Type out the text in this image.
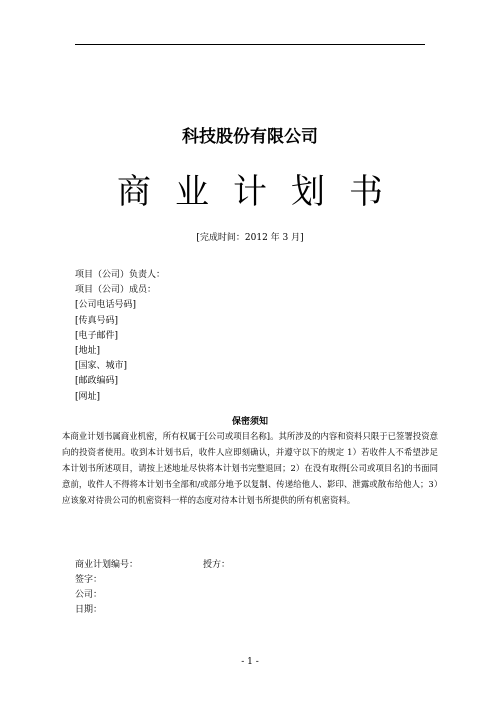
科技股份有限公司
商业计划书
[完成时间：2012 年 3 月]
项目（公司）负责人：
项目（公司）成员：
[公司电话号码]
[传真号码]
[电子邮件]
[地址]
[国家、城市]
[邮政编码]
[网址]
保密须知
本商业计划书属商业机密，所有权属于[公司或项目名称]。其所涉及的内容和资料只限于已签署投资意向的投资者使用。收到本计划书后，收件人应即刻确认，并遵守以下的规定 1）若收件人不希望涉足本计划书所述项目，请按上述地址尽快将本计划书完整退回；2）在没有取得[公司或项目名]的书面同意前，收件人不得将本计划书全部和/或部分地予以复制、传递给他人、影印、泄露或散布给他人；3）应该象对待贵公司的机密资料一样的态度对待本计划书所提供的所有机密资料。
商业计划编号：	授方：
签字：
公司：
日期：
- 1 -
